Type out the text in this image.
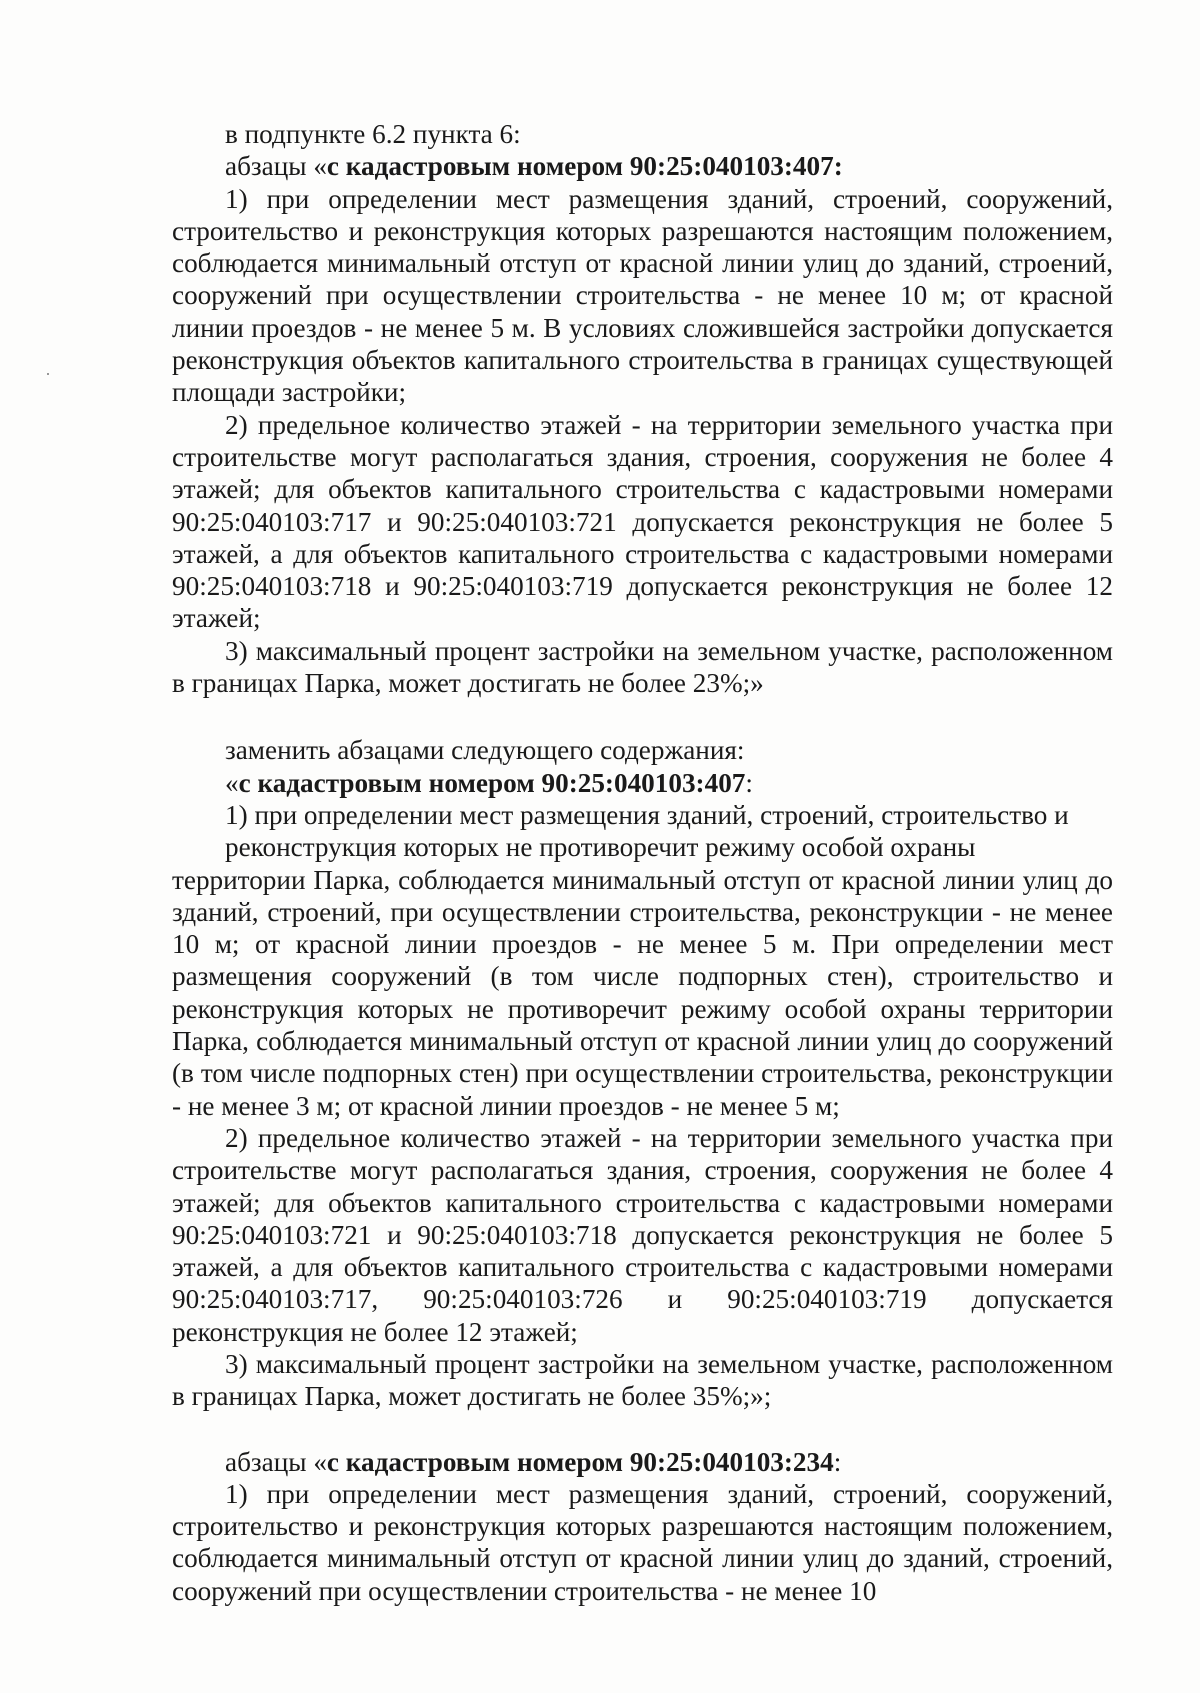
в подпункте 6.2 пункта 6:

абзацы «с кадастровым номером 90:25:040103:407:

1) при определении мест размещения зданий, строений, сооружений, строительство и реконструкция которых разрешаются настоящим положением, соблюдается минимальный отступ от красной линии улиц до зданий, строений, сооружений при осуществлении строительства - не менее 10 м; от красной линии проездов - не менее 5 м. В условиях сложившейся застройки допускается реконструкция объектов капитального строительства в границах существующей площади застройки;

2) предельное количество этажей - на территории земельного участка при строительстве могут располагаться здания, строения, сооружения не более 4 этажей; для объектов капитального строительства с кадастровыми номерами 90:25:040103:717 и 90:25:040103:721 допускается реконструкция не более 5 этажей, а для объектов капитального строительства с кадастровыми номерами 90:25:040103:718 и 90:25:040103:719 допускается реконструкция не более 12 этажей;

3) максимальный процент застройки на земельном участке, расположенном в границах Парка, может достигать не более 23%;»

заменить абзацами следующего содержания:

«с кадастровым номером 90:25:040103:407:

1) при определении мест размещения зданий, строений, строительство и

реконструкция которых не противоречит режиму особой охраны

территории Парка, соблюдается минимальный отступ от красной линии улиц до зданий, строений, при осуществлении строительства, реконструкции - не менее 10 м; от красной линии проездов - не менее 5 м. При определении мест размещения сооружений (в том числе подпорных стен), строительство и реконструкция которых не противоречит режиму особой охраны территории Парка, соблюдается минимальный отступ от красной линии улиц до сооружений (в том числе подпорных стен) при осуществлении строительства, реконструкции - не менее 3 м; от красной линии проездов - не менее 5 м;

2) предельное количество этажей - на территории земельного участка при строительстве могут располагаться здания, строения, сооружения не более 4 этажей; для объектов капитального строительства с кадастровыми номерами 90:25:040103:721 и 90:25:040103:718 допускается реконструкция не более 5 этажей, а для объектов капитального строительства с кадастровыми номерами 90:25:040103:717, 90:25:040103:726 и 90:25:040103:719 допускается реконструкция не более 12 этажей;

3) максимальный процент застройки на земельном участке, расположенном в границах Парка, может достигать не более 35%;»;

абзацы «с кадастровым номером 90:25:040103:234:

1) при определении мест размещения зданий, строений, сооружений, строительство и реконструкция которых разрешаются настоящим положением, соблюдается минимальный отступ от красной линии улиц до зданий, строений, сооружений при осуществлении строительства - не менее 10
